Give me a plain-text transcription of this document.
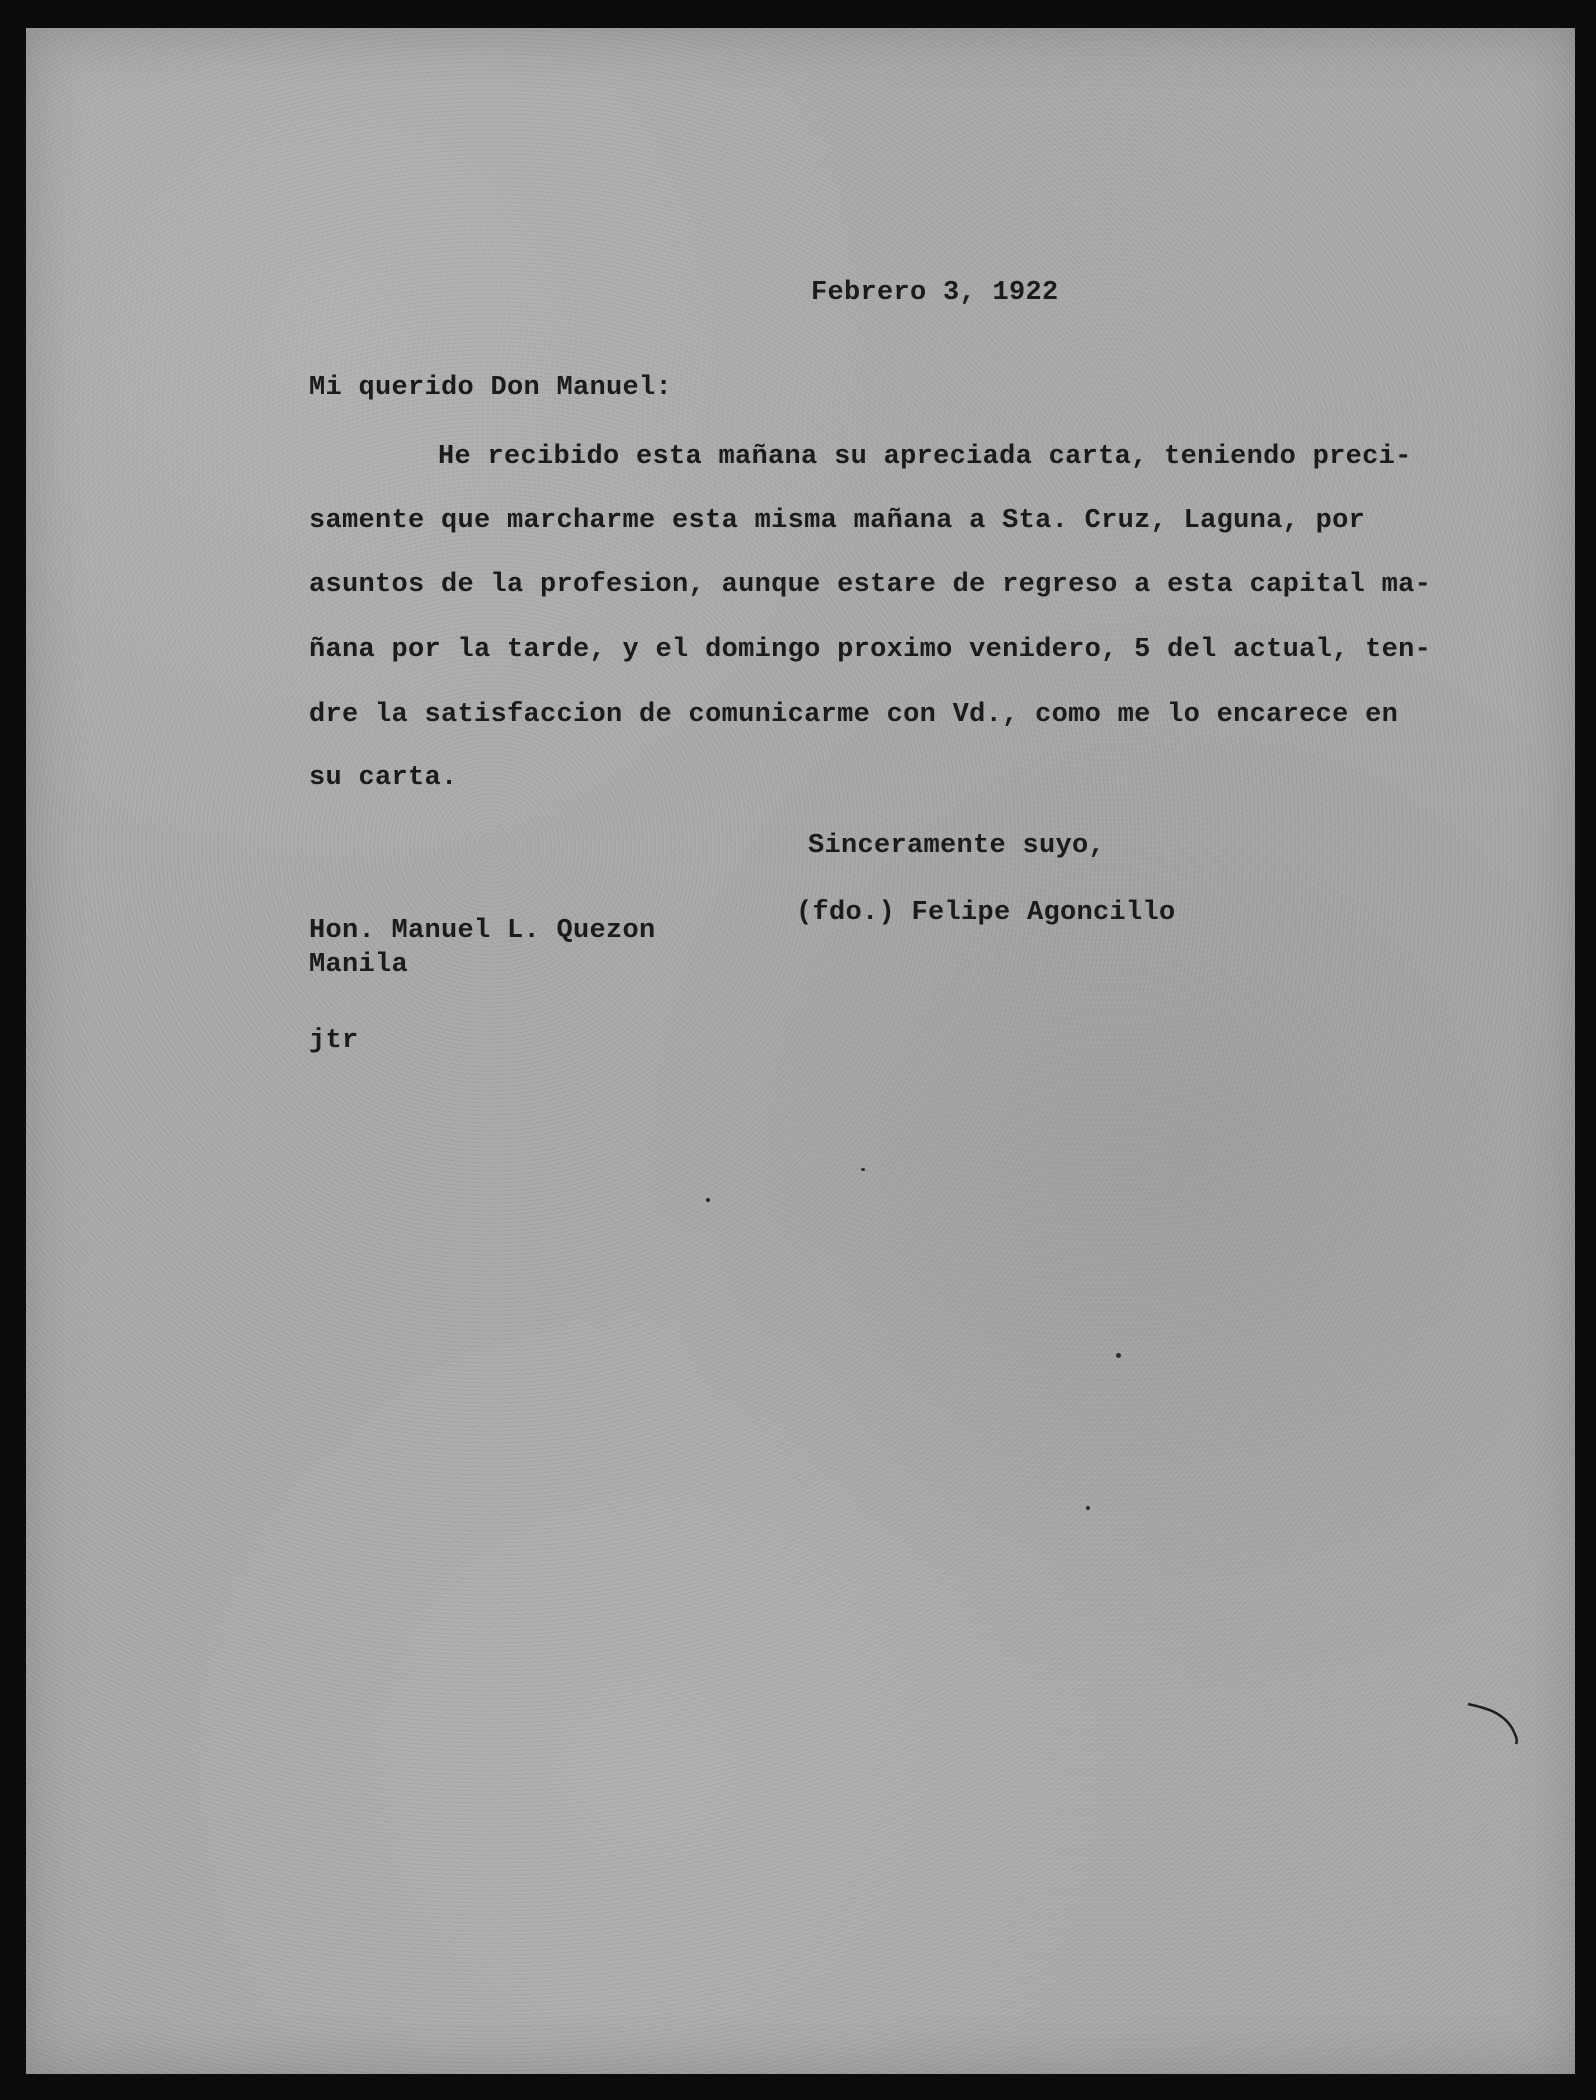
Febrero 3, 1922
Mi querido Don Manuel:
He recibido esta mañana su apreciada carta, teniendo preci-
samente que marcharme esta misma mañana a Sta. Cruz, Laguna, por
asuntos de la profesion, aunque estare de regreso a esta capital ma-
ñana por la tarde, y el domingo proximo venidero, 5 del actual, ten-
dre la satisfaccion de comunicarme con Vd., como me lo encarece en
su carta.
Sinceramente suyo,
(fdo.) Felipe Agoncillo
Hon. Manuel L. Quezon
Manila
jtr
